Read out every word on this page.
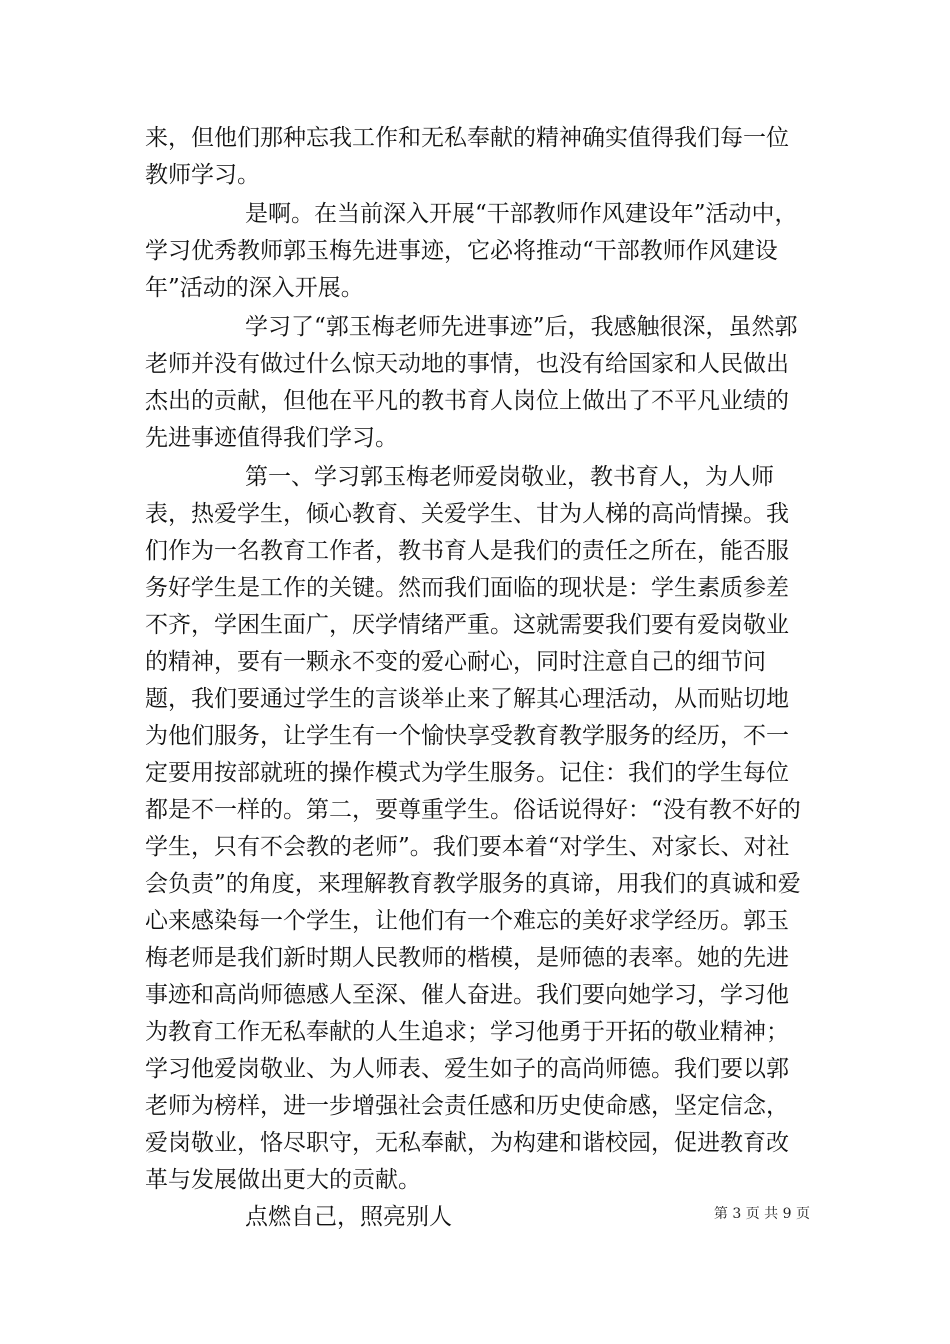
来，但他们那种忘我工作和无私奉献的精神确实值得我们每一位教师学习。

是啊。在当前深入开展“干部教师作风建设年”活动中，学习优秀教师郭玉梅先进事迹，它必将推动“干部教师作风建设年”活动的深入开展。

学习了“郭玉梅老师先进事迹”后，我感触很深，虽然郭老师并没有做过什么惊天动地的事情，也没有给国家和人民做出杰出的贡献，但他在平凡的教书育人岗位上做出了不平凡业绩的先进事迹值得我们学习。

第一、学习郭玉梅老师爱岗敬业，教书育人，为人师表，热爱学生，倾心教育、关爱学生、甘为人梯的高尚情操。我们作为一名教育工作者，教书育人是我们的责任之所在，能否服务好学生是工作的关键。然而我们面临的现状是：学生素质参差不齐，学困生面广，厌学情绪严重。这就需要我们要有爱岗敬业的精神，要有一颗永不变的爱心耐心，同时注意自己的细节问题，我们要通过学生的言谈举止来了解其心理活动，从而贴切地为他们服务，让学生有一个愉快享受教育教学服务的经历，不一定要用按部就班的操作模式为学生服务。记住：我们的学生每位都是不一样的。第二，要尊重学生。俗话说得好：“没有教不好的学生，只有不会教的老师”。我们要本着“对学生、对家长、对社会负责”的角度，来理解教育教学服务的真谛，用我们的真诚和爱心来感染每一个学生，让他们有一个难忘的美好求学经历。郭玉梅老师是我们新时期人民教师的楷模，是师德的表率。她的先进事迹和高尚师德感人至深、催人奋进。我们要向她学习，学习他为教育工作无私奉献的人生追求；学习他勇于开拓的敬业精神；学习他爱岗敬业、为人师表、爱生如子的高尚师德。我们要以郭老师为榜样，进一步增强社会责任感和历史使命感，坚定信念，爱岗敬业，恪尽职守，无私奉献，为构建和谐校园，促进教育改革与发展做出更大的贡献。

点燃自己，照亮别人	第 3 页 共 9 页
